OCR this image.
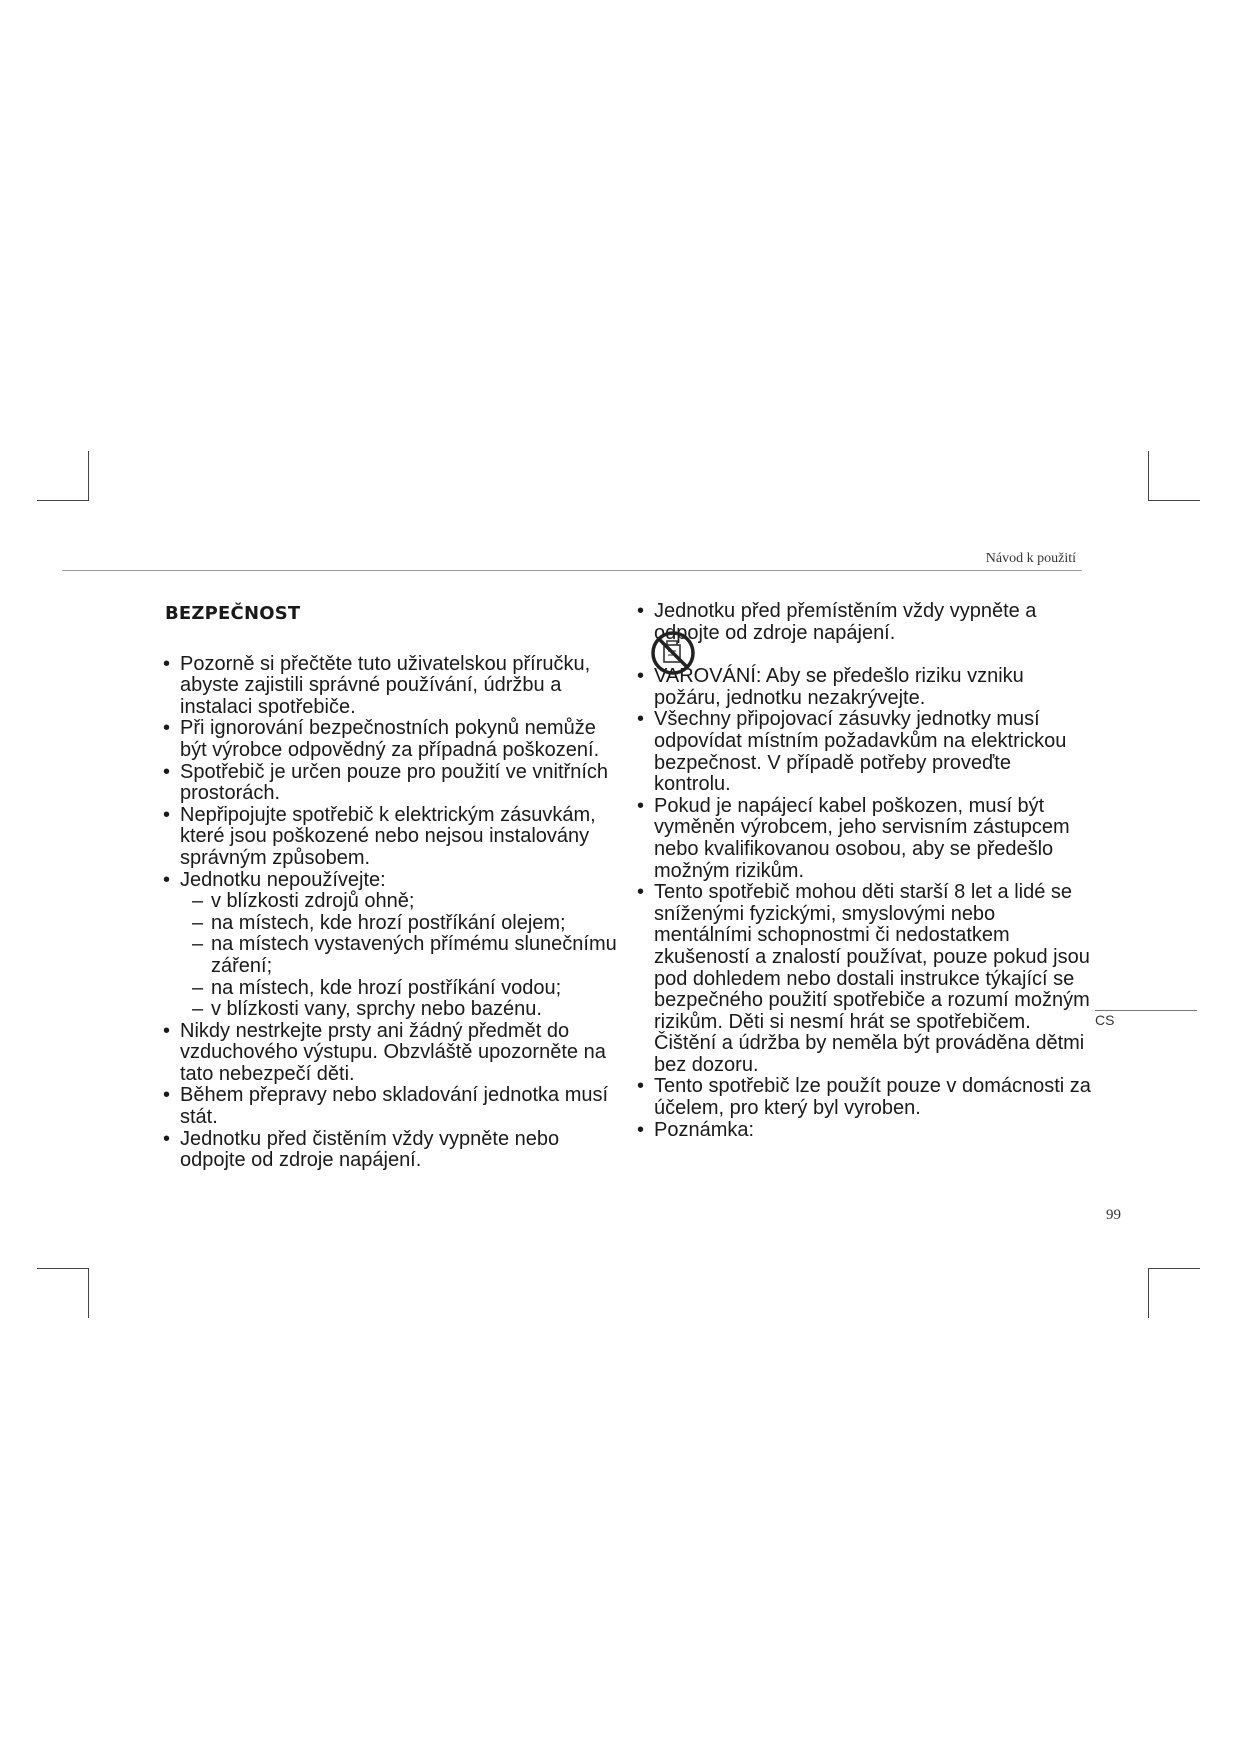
Návod k použití
BEZPEČNOST
• Pozorně si přečtěte tuto uživatelskou příručku, abyste zajistili správné používání, údržbu a instalaci spotřebiče.
• Při ignorování bezpečnostních pokynů nemůže být výrobce odpovědný za případná poškození.
• Spotřebič je určen pouze pro použití ve vnitřních prostorách.
• Nepřipojujte spotřebič k elektrickým zásuvkám, které jsou poškozené nebo nejsou instalovány správným způsobem.
• Jednotku nepoužívejte:
– v blízkosti zdrojů ohně;
– na místech, kde hrozí postříkání olejem;
– na místech vystavených přímému slunečnímu záření;
– na místech, kde hrozí postříkání vodou;
– v blízkosti vany, sprchy nebo bazénu.
• Nikdy nestrkejte prsty ani žádný předmět do vzduchového výstupu. Obzvláště upozorněte na tato nebezpečí děti.
• Během přepravy nebo skladování jednotka musí stát.
• Jednotku před čistěním vždy vypněte nebo odpojte od zdroje napájení.
• Jednotku před přemístěním vždy vypněte a odpojte od zdroje napájení.
• VAROVÁNÍ: Aby se předešlo riziku vzniku požáru, jednotku nezakrývejte.
• Všechny připojovací zásuvky jednotky musí odpovídat místním požadavkům na elektrickou bezpečnost. V případě potřeby proveďte kontrolu.
• Pokud je napájecí kabel poškozen, musí být vyměněn výrobcem, jeho servisním zástupcem nebo kvalifikovanou osobou, aby se předešlo možným rizikům.
• Tento spotřebič mohou děti starší 8 let a lidé se sníženými fyzickými, smyslovými nebo mentálními schopnostmi či nedostatkem zkušeností a znalostí používat, pouze pokud jsou pod dohledem nebo dostali instrukce týkající se bezpečného použití spotřebiče a rozumí možným rizikům. Děti si nesmí hrát se spotřebičem. Čištění a údržba by neměla být prováděna dětmi bez dozoru.
• Tento spotřebič lze použít pouze v domácnosti za účelem, pro který byl vyroben.
• Poznámka:
CS
99
